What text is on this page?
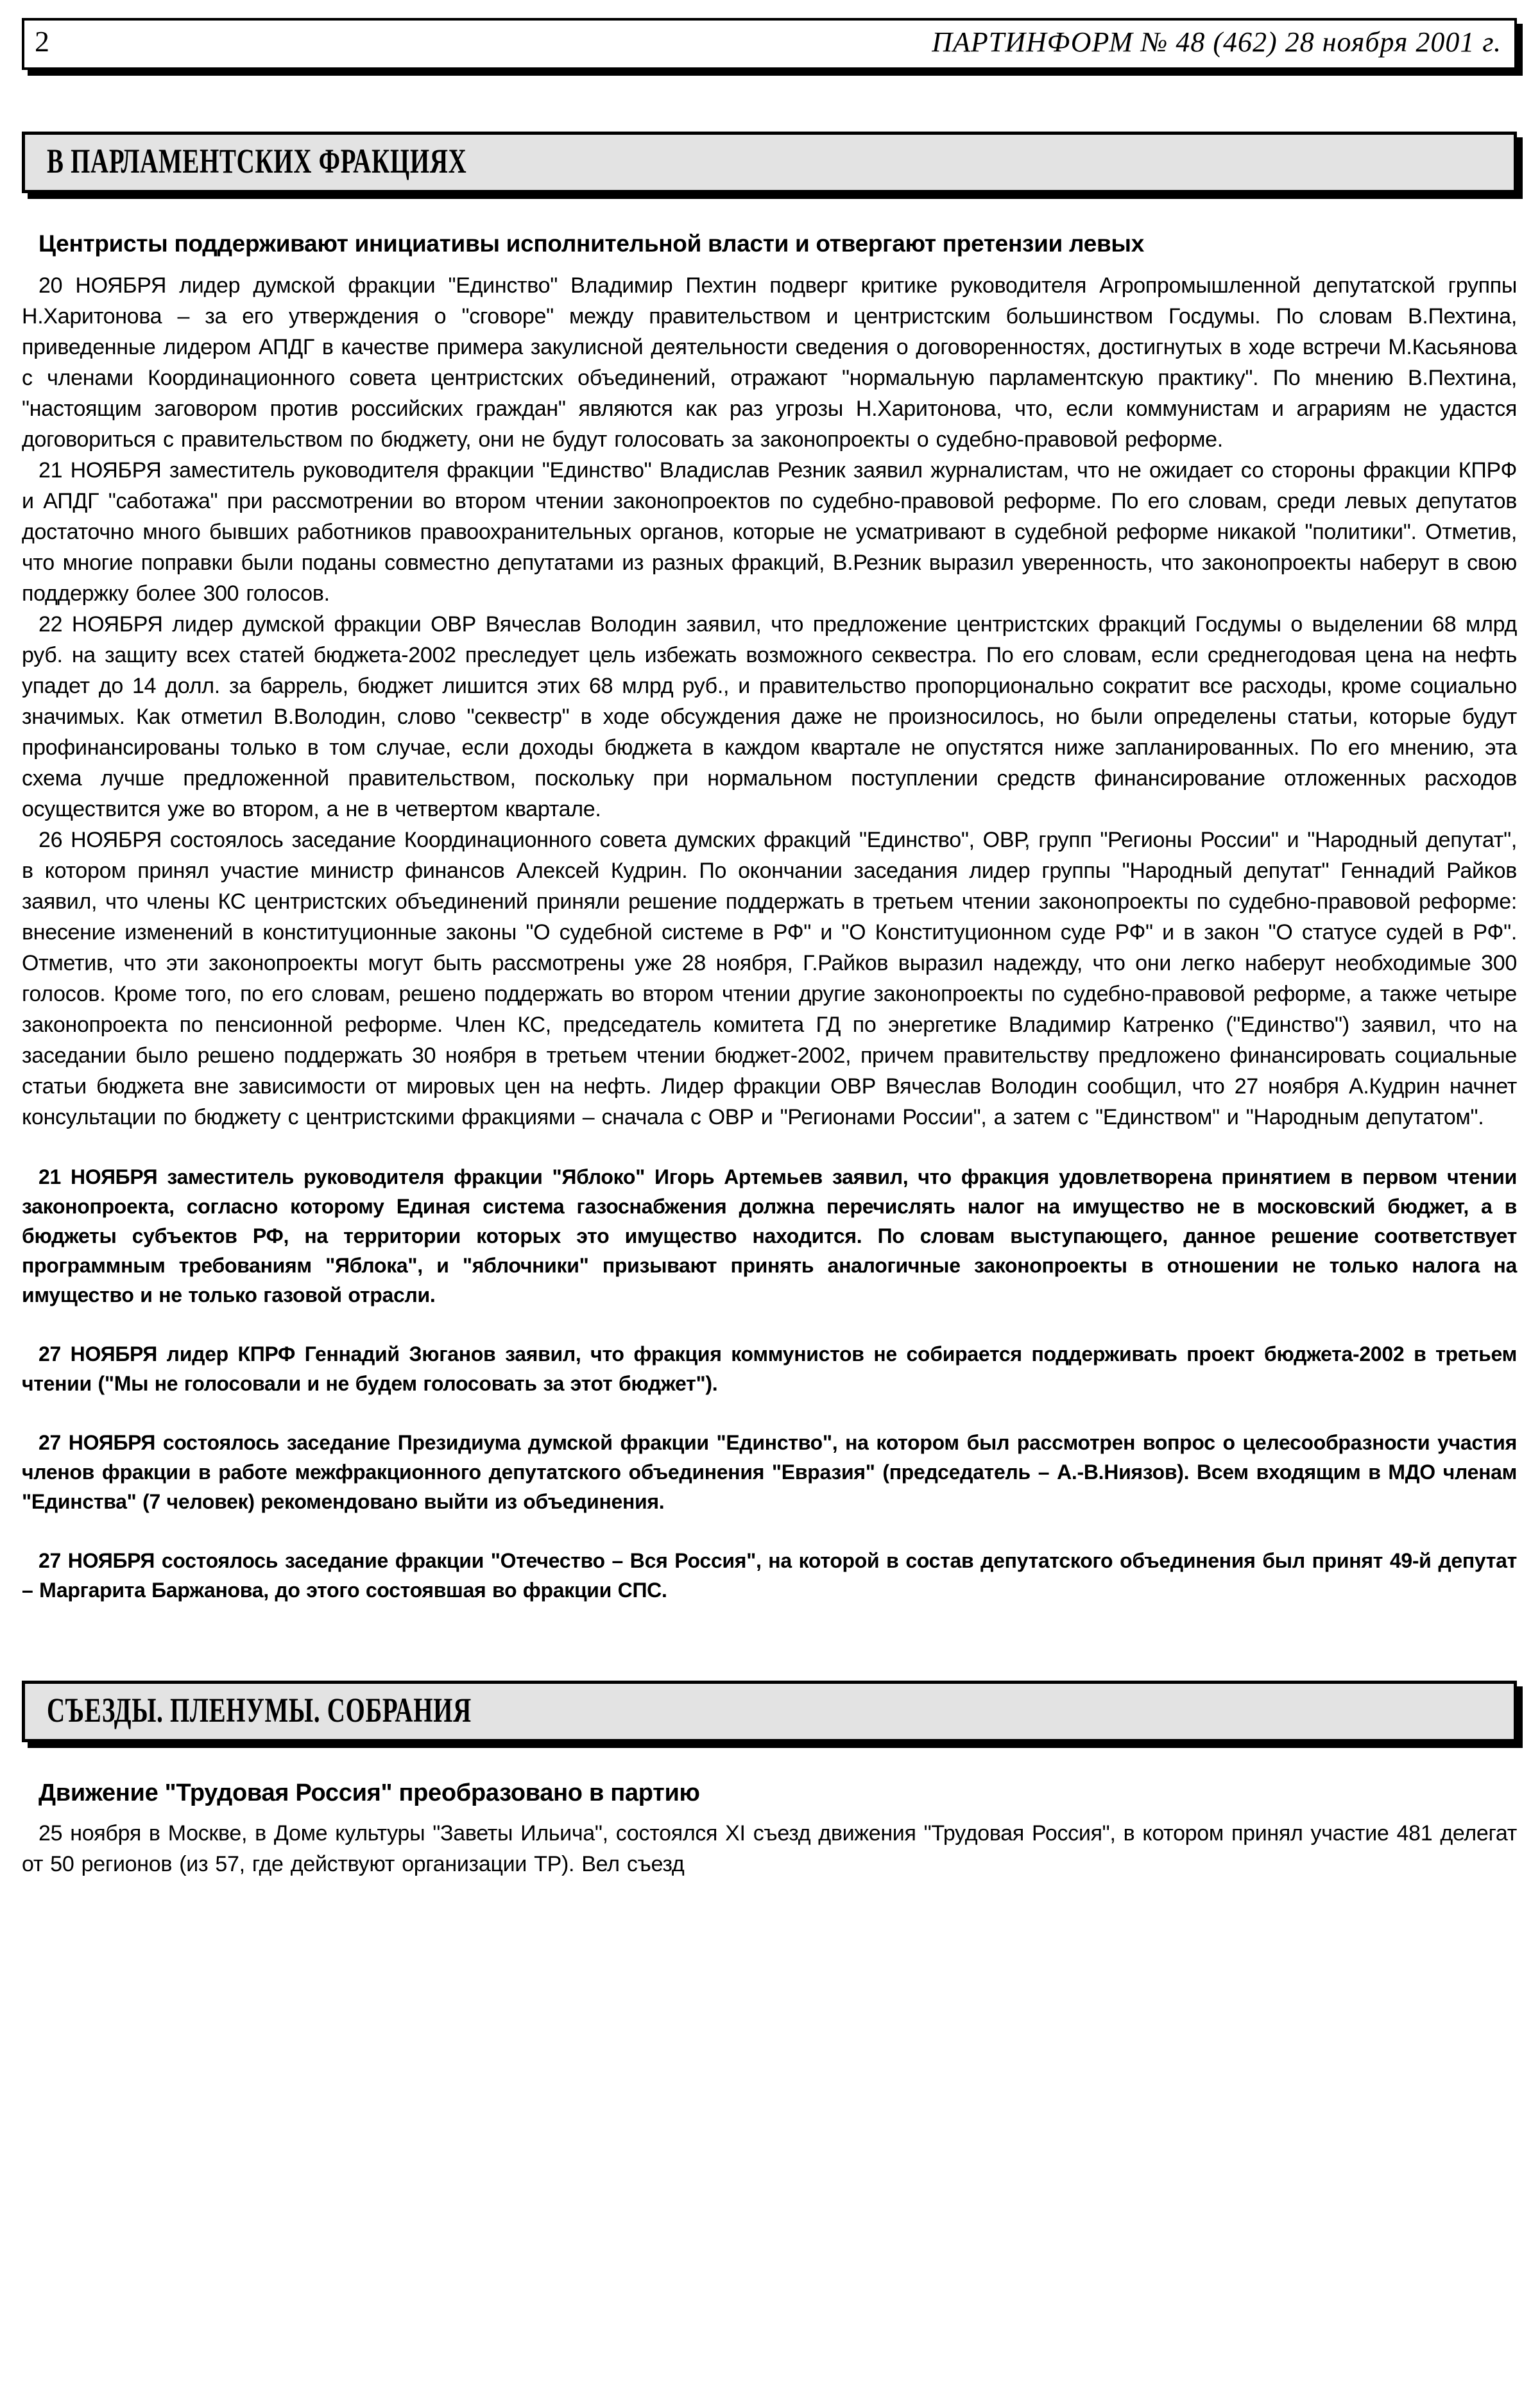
2	ПАРТИНФОРМ № 48 (462) 28 ноября 2001 г.
В ПАРЛАМЕНТСКИХ ФРАКЦИЯХ
Центристы поддерживают инициативы исполнительной власти и отвергают претензии левых

20 НОЯБРЯ лидер думской фракции "Единство" Владимир Пехтин подверг критике руководителя Агропромышленной депутатской группы Н.Харитонова – за его утверждения о "сговоре" между правительством и центристским большинством Госдумы. По словам В.Пехтина, приведенные лидером АПДГ в качестве примера закулисной деятельности сведения о договоренностях, достигнутых в ходе встречи М.Касьянова с членами Координационного совета центристских объединений, отражают "нормальную парламентскую практику". По мнению В.Пехтина, "настоящим заговором против российских граждан" являются как раз угрозы Н.Харитонова, что, если коммунистам и аграриям не удастся договориться с правительством по бюджету, они не будут голосовать за законопроекты о судебно-правовой реформе.

21 НОЯБРЯ заместитель руководителя фракции "Единство" Владислав Резник заявил журналистам, что не ожидает со стороны фракции КПРФ и АПДГ "саботажа" при рассмотрении во втором чтении законопроектов по судебно-правовой реформе. По его словам, среди левых депутатов достаточно много бывших работников правоохранительных органов, которые не усматривают в судебной реформе никакой "политики". Отметив, что многие поправки были поданы совместно депутатами из разных фракций, В.Резник выразил уверенность, что законопроекты наберут в свою поддержку более 300 голосов.

22 НОЯБРЯ лидер думской фракции ОВР Вячеслав Володин заявил, что предложение центристских фракций Госдумы о выделении 68 млрд руб. на защиту всех статей бюджета-2002 преследует цель избежать возможного секвестра. По его словам, если среднегодовая цена на нефть упадет до 14 долл. за баррель, бюджет лишится этих 68 млрд руб., и правительство пропорционально сократит все расходы, кроме социально значимых. Как отметил В.Володин, слово "секвестр" в ходе обсуждения даже не произносилось, но были определены статьи, которые будут профинансированы только в том случае, если доходы бюджета в каждом квартале не опустятся ниже запланированных. По его мнению, эта схема лучше предложенной правительством, поскольку при нормальном поступлении средств финансирование отложенных расходов осуществится уже во втором, а не в четвертом квартале.

26 НОЯБРЯ состоялось заседание Координационного совета думских фракций "Единство", ОВР, групп "Регионы России" и "Народный депутат", в котором принял участие министр финансов Алексей Кудрин. По окончании заседания лидер группы "Народный депутат" Геннадий Райков заявил, что члены КС центристских объединений приняли решение поддержать в третьем чтении законопроекты по судебно-правовой реформе: внесение изменений в конституционные законы "О судебной системе в РФ" и "О Конституционном суде РФ" и в закон "О статусе судей в РФ". Отметив, что эти законопроекты могут быть рассмотрены уже 28 ноября, Г.Райков выразил надежду, что они легко наберут необходимые 300 голосов. Кроме того, по его словам, решено поддержать во втором чтении другие законопроекты по судебно-правовой реформе, а также четыре законопроекта по пенсионной реформе. Член КС, председатель комитета ГД по энергетике Владимир Катренко ("Единство") заявил, что на заседании было решено поддержать 30 ноября в третьем чтении бюджет-2002, причем правительству предложено финансировать социальные статьи бюджета вне зависимости от мировых цен на нефть. Лидер фракции ОВР Вячеслав Володин сообщил, что 27 ноября А.Кудрин начнет консультации по бюджету с центристскими фракциями – сначала с ОВР и "Регионами России", а затем с "Единством" и "Народным депутатом".

21 НОЯБРЯ заместитель руководителя фракции "Яблоко" Игорь Артемьев заявил, что фракция удовлетворена принятием в первом чтении законопроекта, согласно которому Единая система газоснабжения должна перечислять налог на имущество не в московский бюджет, а в бюджеты субъектов РФ, на территории которых это имущество находится. По словам выступающего, данное решение соответствует программным требованиям "Яблока", и "яблочники" призывают принять аналогичные законопроекты в отношении не только налога на имущество и не только газовой отрасли.

27 НОЯБРЯ лидер КПРФ Геннадий Зюганов заявил, что фракция коммунистов не собирается поддерживать проект бюджета-2002 в третьем чтении ("Мы не голосовали и не будем голосовать за этот бюджет").

27 НОЯБРЯ состоялось заседание Президиума думской фракции "Единство", на котором был рассмотрен вопрос о целесообразности участия членов фракции в работе межфракционного депутатского объединения "Евразия" (председатель – А.-В.Ниязов). Всем входящим в МДО членам "Единства" (7 человек) рекомендовано выйти из объединения.

27 НОЯБРЯ состоялось заседание фракции "Отечество – Вся Россия", на которой в состав депутатского объединения был принят 49-й депутат – Маргарита Баржанова, до этого состоявшая во фракции СПС.

СЪЕЗДЫ. ПЛЕНУМЫ. СОБРАНИЯ
Движение "Трудовая Россия" преобразовано в партию

25 ноября в Москве, в Доме культуры "Заветы Ильича", состоялся XI съезд движения "Трудовая Россия", в котором принял участие 481 делегат от 50 регионов (из 57, где действуют организации ТР). Вел съезд
